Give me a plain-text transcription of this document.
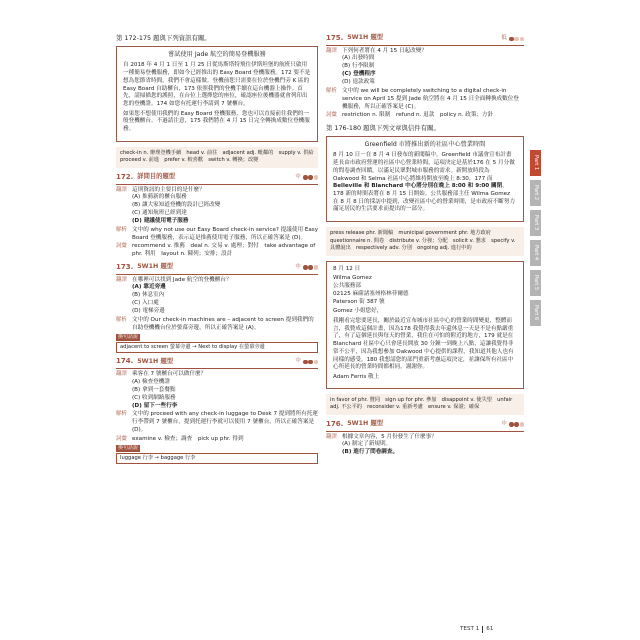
第 172-175 題與下列資訊有關。
嘗試使用 Jade 航空的簡易登機服務

自 2018 年 4 月 1 日至 1 月 25 日從馬斯塔特飛往伊斯坦堡的航班只啟用一種簡易登機服務，即如今已經推出的 Easy Board 登機服務。172 要不是想為您節省時間，我們不會這樣做。登機前您只需要在位於登機門旁 K 區的 Easy Board 自助櫃台，173 依照我們的登機手續在這台機器上操作。首先，請掃描您的護照，在台位上選擇您的座位，確認座位後機器就會列印出您的登機證。174 如您有托運行李請到 7 號櫃台。

如果您不想使用我們的 Easy Board 登機服務，您也可以直接前往我們的一般登機櫃台。不過請注意，175 我們將在 4 月 15 日完全轉換成數位登機服務。

check-in n. 辦理登機手續　head v. 前往　adjacent adj. 毗鄰的　supply v. 供給　proceed v. 前進　prefer v. 較喜歡　switch v. 轉換；改變
172. 詳問目的題型	中
翻譯 這則資訊的主要目的是什麼？
(A) 推薦新的櫃台服務
(B) 讓大家知道登機的設計已經改變
(C) 通知航班已經到達
(D) 建議使用電子服務
解析 文中的 why not use our Easy Board check-in service? 提議使用 Easy Board 登機服務，表示這是推薦使用電子服務，所以正確答案是 (D)。
詞彙 recommend v. 推薦　deal n. 交易 v. 處理；對付　take advantage of phr. 利用　layout n. 陳列；安排；設計
173. 5W1H 題型	中
翻譯 在哪裡可以找到 Jade 航空的登機櫃台？
(A) 靠近旁邊
(B) 休息室內
(C) 入口處
(D) 電梯旁邊
解析 文中的 Our check-in machines are – adjacent to screen 提到我們的自助登機機台位於螢幕旁邊，所以正確答案是 (A)。
換句話說
adjacent to screen 螢幕旁邊 → Next to display 在螢幕旁邊
174. 5W1H 題型	中
翻譯 乘客在 7 號櫃台可以做什麼？
(A) 檢查登機證
(B) 拿到一套餐點
(C) 收到網路服務
(D) 留下一些行李
解析 文中的 proceed with any check-in luggage to Desk 7 提到將所有托運行李帶到 7 號櫃台，提到托運行李就可以使用 7 號櫃台，所以正確答案是 (D)。
詞彙 examine v. 檢查；調查　pick up phr. 得到
換句話說
luggage 行李 → baggage 行李
175. 5W1H 題型	低
翻譯 下列何者將在 4 月 15 日起改變？
(A) 出發時間
(B) 行李限制
(C) 登機程序
(D) 退款政策
解析 文中的 we will be completely switching to a digital check-in service on April 15 提到 Jade 航空將在 4 月 15 日全面轉換成數位登機服務，所以正確答案是 (C)。
詞彙 restriction n. 限制　refund n. 退款　policy n. 政策；方針
第 176-180 題與下列文章與信件有關。
Greenfield 市將推出新的社區中心營業時間

8 月 10 日－在 8 月 4 日發布的新聞稿中，Greenfield 市議會宣布計畫延長由市政府營運的社區中心營業時間，這項決定是基於176 在 5 月分做的問卷調查回饋，以滿足民眾對城市服務的需求。新開放時段為 Oakwood 和 Selma 社區中心將維持開放至晚上 8:30，177 而Belleville 和 Blanchard 中心將分別在晚上 8:00 和 9:00 關閉。178 新的時間表將在 8 月 15 日開始。公共服務部主任 Wilma Gomez 在 8 月 8 日的採訪中提到，改變社區中心的營業時間，是市政府不斷努力滿足居民的生活要求而提出的一部分。

press release phr. 新聞稿　municipal government phr. 地方政府　questionnaire n. 問卷　distribute v. 分發；分配　solicit v. 懇求　specify v. 具體說出　respectively adv. 分別　ongoing adj. 進行中的

8 月 12 日

Wilma Gomez
公共服務部
02125 麻薩諸塞州格林菲爾德

Paterson 街 387 號

Gomez 小姐您好，

我剛看完您要延長，關於最近宣布城市社區中心的營業時間變更，整體而言，我贊成這個計畫，因為178 我覺得我去年還休息一天是不是有點嚴重了，有了這個延長與每天的營業，我住在可怕的附近的地方，179 就是在 Blanchard 社區中心只會延長開放 30 分鐘一到晚上八點，這讓我覺得非常不公平，因為我想參加 Oakwood 中心提供的課程，我知道其他人也有同樣的感受。180 我想請您的部門重新考慮這項決定，並讓保所有社區中心所延長的營業時間都相同，謝謝你。

Adam Ferris 敬上

in favor of phr. 贊同　sign up for phr. 參加　disappoint v. 使失望　unfair adj. 不公平的　reconsider v. 重新考慮　ensure v. 保證；確保
176. 5W1H 題型	中
翻譯 根據文章內容，5 月份發生了什麼事？
(A) 制定了新規則。
(B) 進行了問卷調查。
Part 1
Part 2
Part 3
Part 4
Part 5
Part 6
TEST 1 61
